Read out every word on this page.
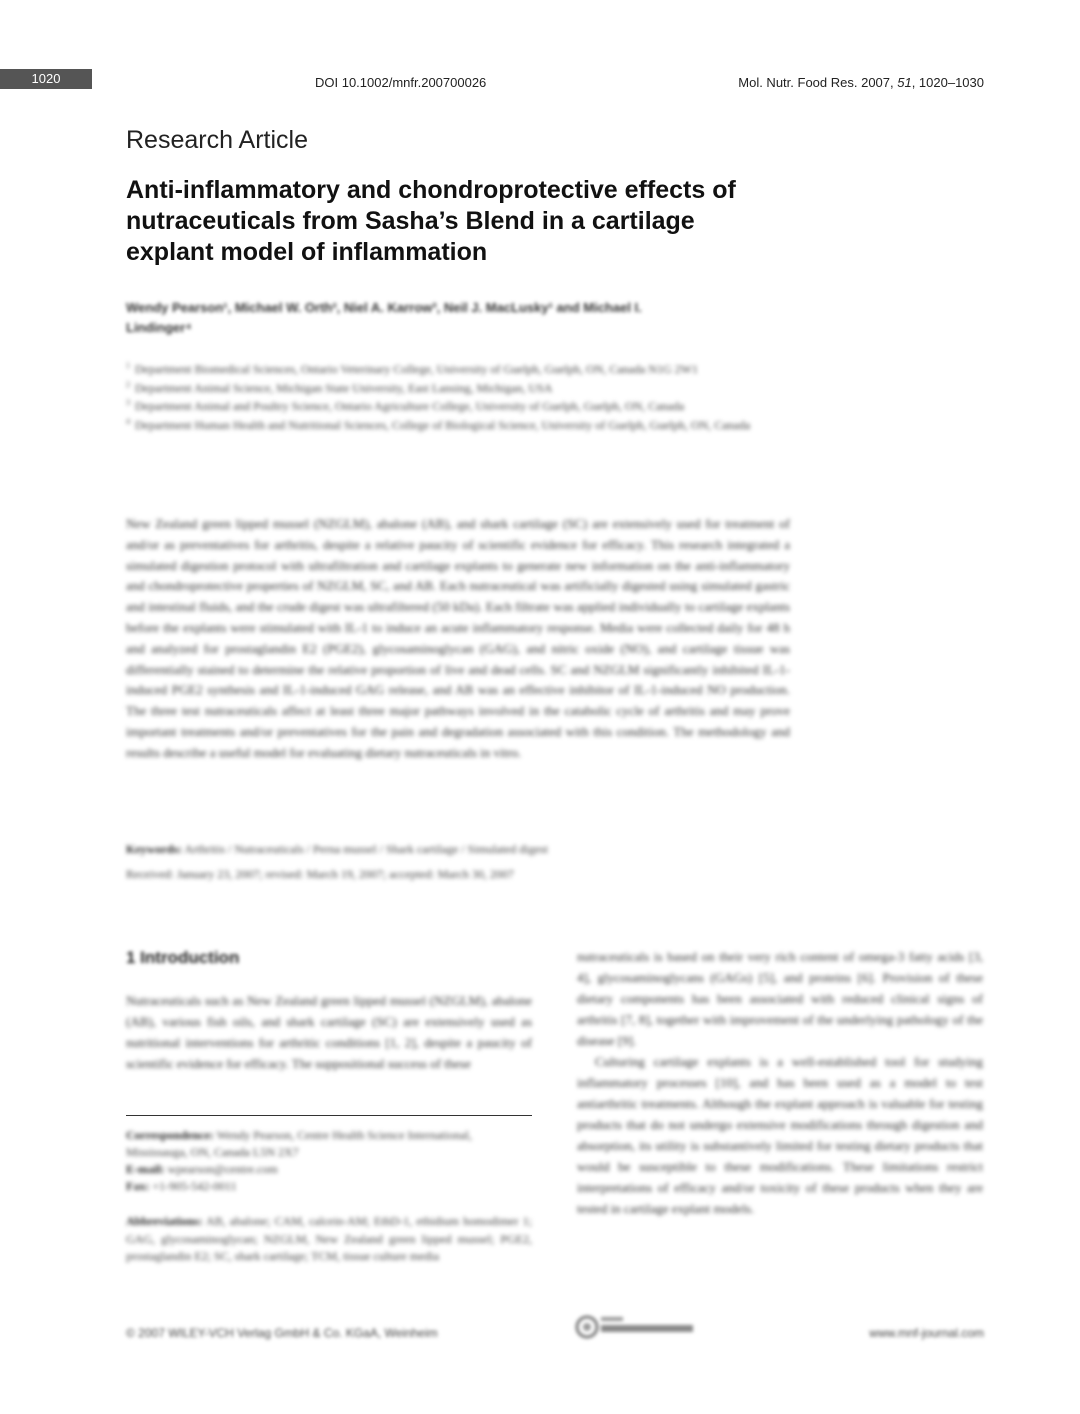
1020	DOI 10.1002/mnfr.200700026	Mol. Nutr. Food Res. 2007, 51, 1020–1030
Research Article
Anti-inflammatory and chondroprotective effects of nutraceuticals from Sasha’s Blend in a cartilage explant model of inflammation
Wendy Pearson¹, Michael W. Orth², Niel A. Karrow³, Neil J. MacLusky¹ and Michael I. Lindinger⁴
1 Department Biomedical Sciences, Ontario Veterinary College, University of Guelph, Guelph, ON, Canada N1G 2W1
2 Department Animal Science, Michigan State University, East Lansing, Michigan, USA
3 Department Animal and Poultry Science, Ontario Agriculture College, University of Guelph, Guelph, ON, Canada
4 Department Human Health and Nutritional Sciences, College of Biological Science, University of Guelph, Guelph, ON, Canada
New Zealand green lipped mussel (NZGLM), abalone (AB), and shark cartilage (SC) are extensively used for treatment of and/or as preventatives for arthritis, despite a relative paucity of scientific evidence for efficacy. This research integrated a simulated digestion protocol with ultrafiltration and cartilage explants to generate new information on the anti-inflammatory and chondroprotective properties of NZGLM, SC, and AB. Each nutraceutical was artificially digested using simulated gastric and intestinal fluids, and the crude digest was ultrafiltered (50 kDa). Each filtrate was applied individually to cartilage explants before the explants were stimulated with IL-1 to induce an acute inflammatory response. Media were collected daily for 48 h and analyzed for prostaglandin E2 (PGE2), glycosaminoglycan (GAG), and nitric oxide (NO), and cartilage tissue was differentially stained to determine the relative proportion of live and dead cells. SC and NZGLM significantly inhibited IL-1-induced PGE2 synthesis and IL-1-induced GAG release, and AB was an effective inhibitor of IL-1-induced NO production. The three test nutraceuticals affect at least three major pathways involved in the catabolic cycle of arthritis and may prove important treatments and/or preventatives for the pain and degradation associated with this condition. The methodology and results describe a useful model for evaluating dietary nutraceuticals in vitro.
Keywords: Arthritis / Nutraceuticals / Perna mussel / Shark cartilage / Simulated digest
Received: January 23, 2007; revised: March 19, 2007; accepted: March 30, 2007
1 Introduction
Nutraceuticals such as New Zealand green lipped mussel (NZGLM), abalone (AB), various fish oils, and shark cartilage (SC) are extensively used as nutritional interventions for arthritic conditions [1, 2], despite a paucity of scientific evidence for efficacy. The suppositional success of these

nutraceuticals is based on their very rich content of omega-3 fatty acids [3, 4], glycosaminoglycans (GAGs) [5], and proteins [6]. Provision of these dietary components has been associated with reduced clinical signs of arthritis [7, 8], together with improvement of the underlying pathology of the disease [9].

Culturing cartilage explants is a well-established tool for studying inflammatory processes [10], and has been used as a model to test antiarthritic treatments. Although the explant approach is valuable for testing products that do not undergo extensive modifications through digestion and absorption, its utility is substantively limited for testing dietary products that would be susceptible to these modifications. These limitations restrict interpretations of efficacy and/or toxicity of these products when they are tested in cartilage explant models.

Correspondence: Wendy Pearson, Centre Health Science International, Mississauga, ON, Canada L5N 2X7
E-mail: wpearson@centre.com
Fax: +1-905-542-0011
Abbreviations: AB, abalone; CAM, calcein-AM; EthD-1, ethidium homodimer 1; GAG, glycosaminoglycan; NZGLM, New Zealand green lipped mussel; PGE2, prostaglandin E2; SC, shark cartilage; TCM, tissue culture media
© 2007 WILEY-VCH Verlag GmbH & Co. KGaA, Weinheim	www.mnf-journal.com
